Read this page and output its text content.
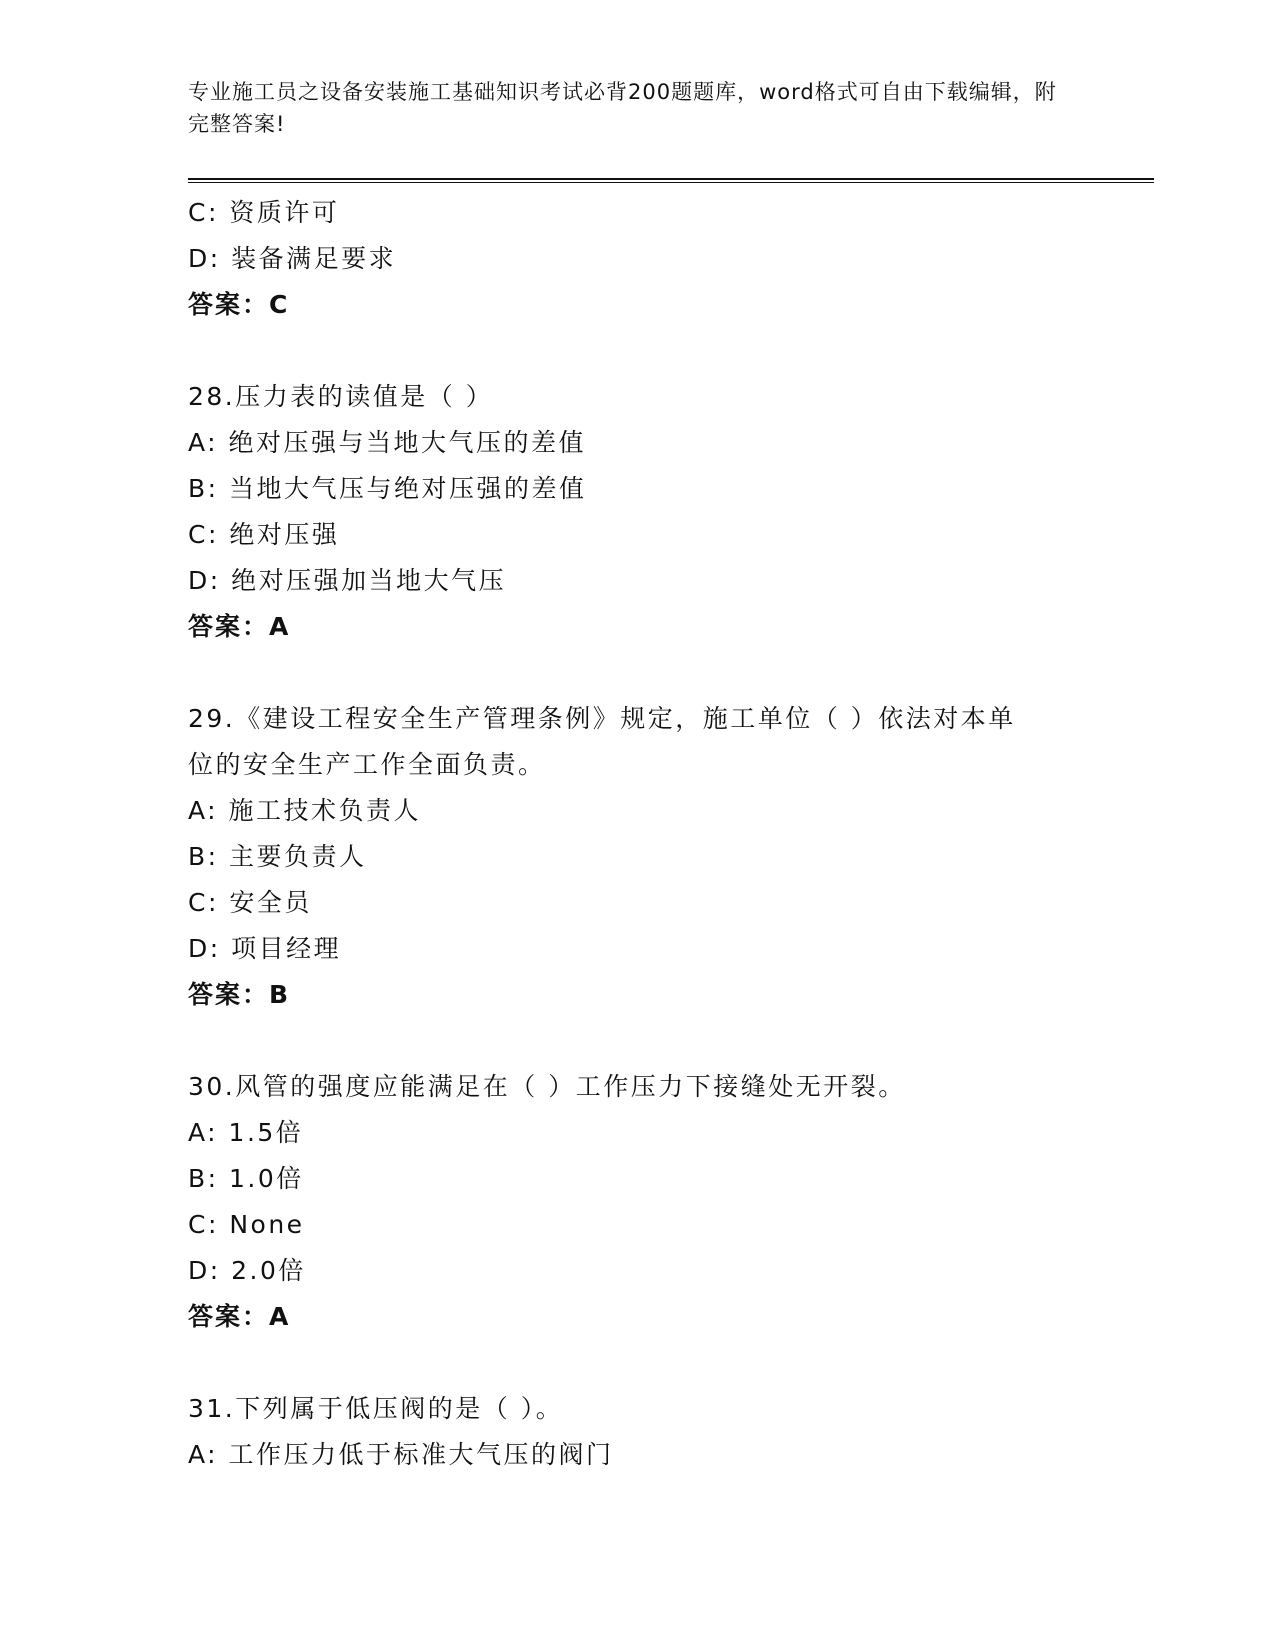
专业施工员之设备安装施工基础知识考试必背200题题库，word格式可自由下载编辑，附完整答案!
C: 资质许可
D: 装备满足要求
答案：C
28.压力表的读值是（ ）
A: 绝对压强与当地大气压的差值
B: 当地大气压与绝对压强的差值
C: 绝对压强
D: 绝对压强加当地大气压
答案：A
29.《建设工程安全生产管理条例》规定，施工单位（ ）依法对本单位的安全生产工作全面负责。
A: 施工技术负责人
B: 主要负责人
C: 安全员
D: 项目经理
答案：B
30.风管的强度应能满足在（ ）工作压力下接缝处无开裂。
A: 1.5倍
B: 1.0倍
C: None
D: 2.0倍
答案：A
31.下列属于低压阀的是（ ）。
A: 工作压力低于标准大气压的阀门
